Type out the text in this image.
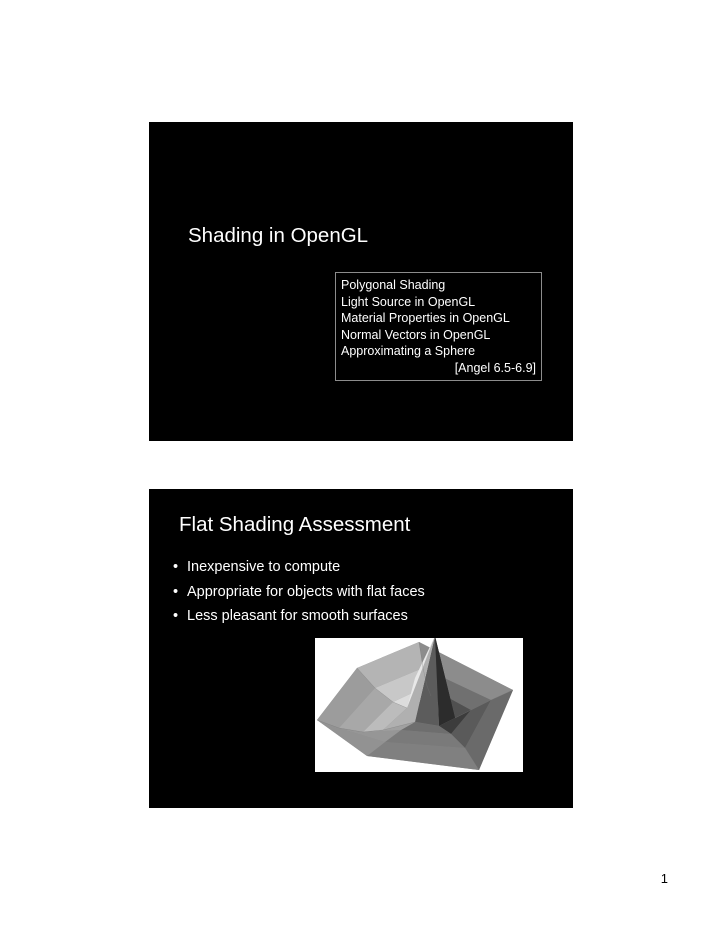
Shading in OpenGL
Polygonal Shading
Light Source in OpenGL
Material Properties in OpenGL
Normal Vectors in OpenGL
Approximating a Sphere
[Angel 6.5-6.9]
Flat Shading Assessment
• Inexpensive to compute
• Appropriate for objects with flat faces
• Less pleasant for smooth surfaces
1
